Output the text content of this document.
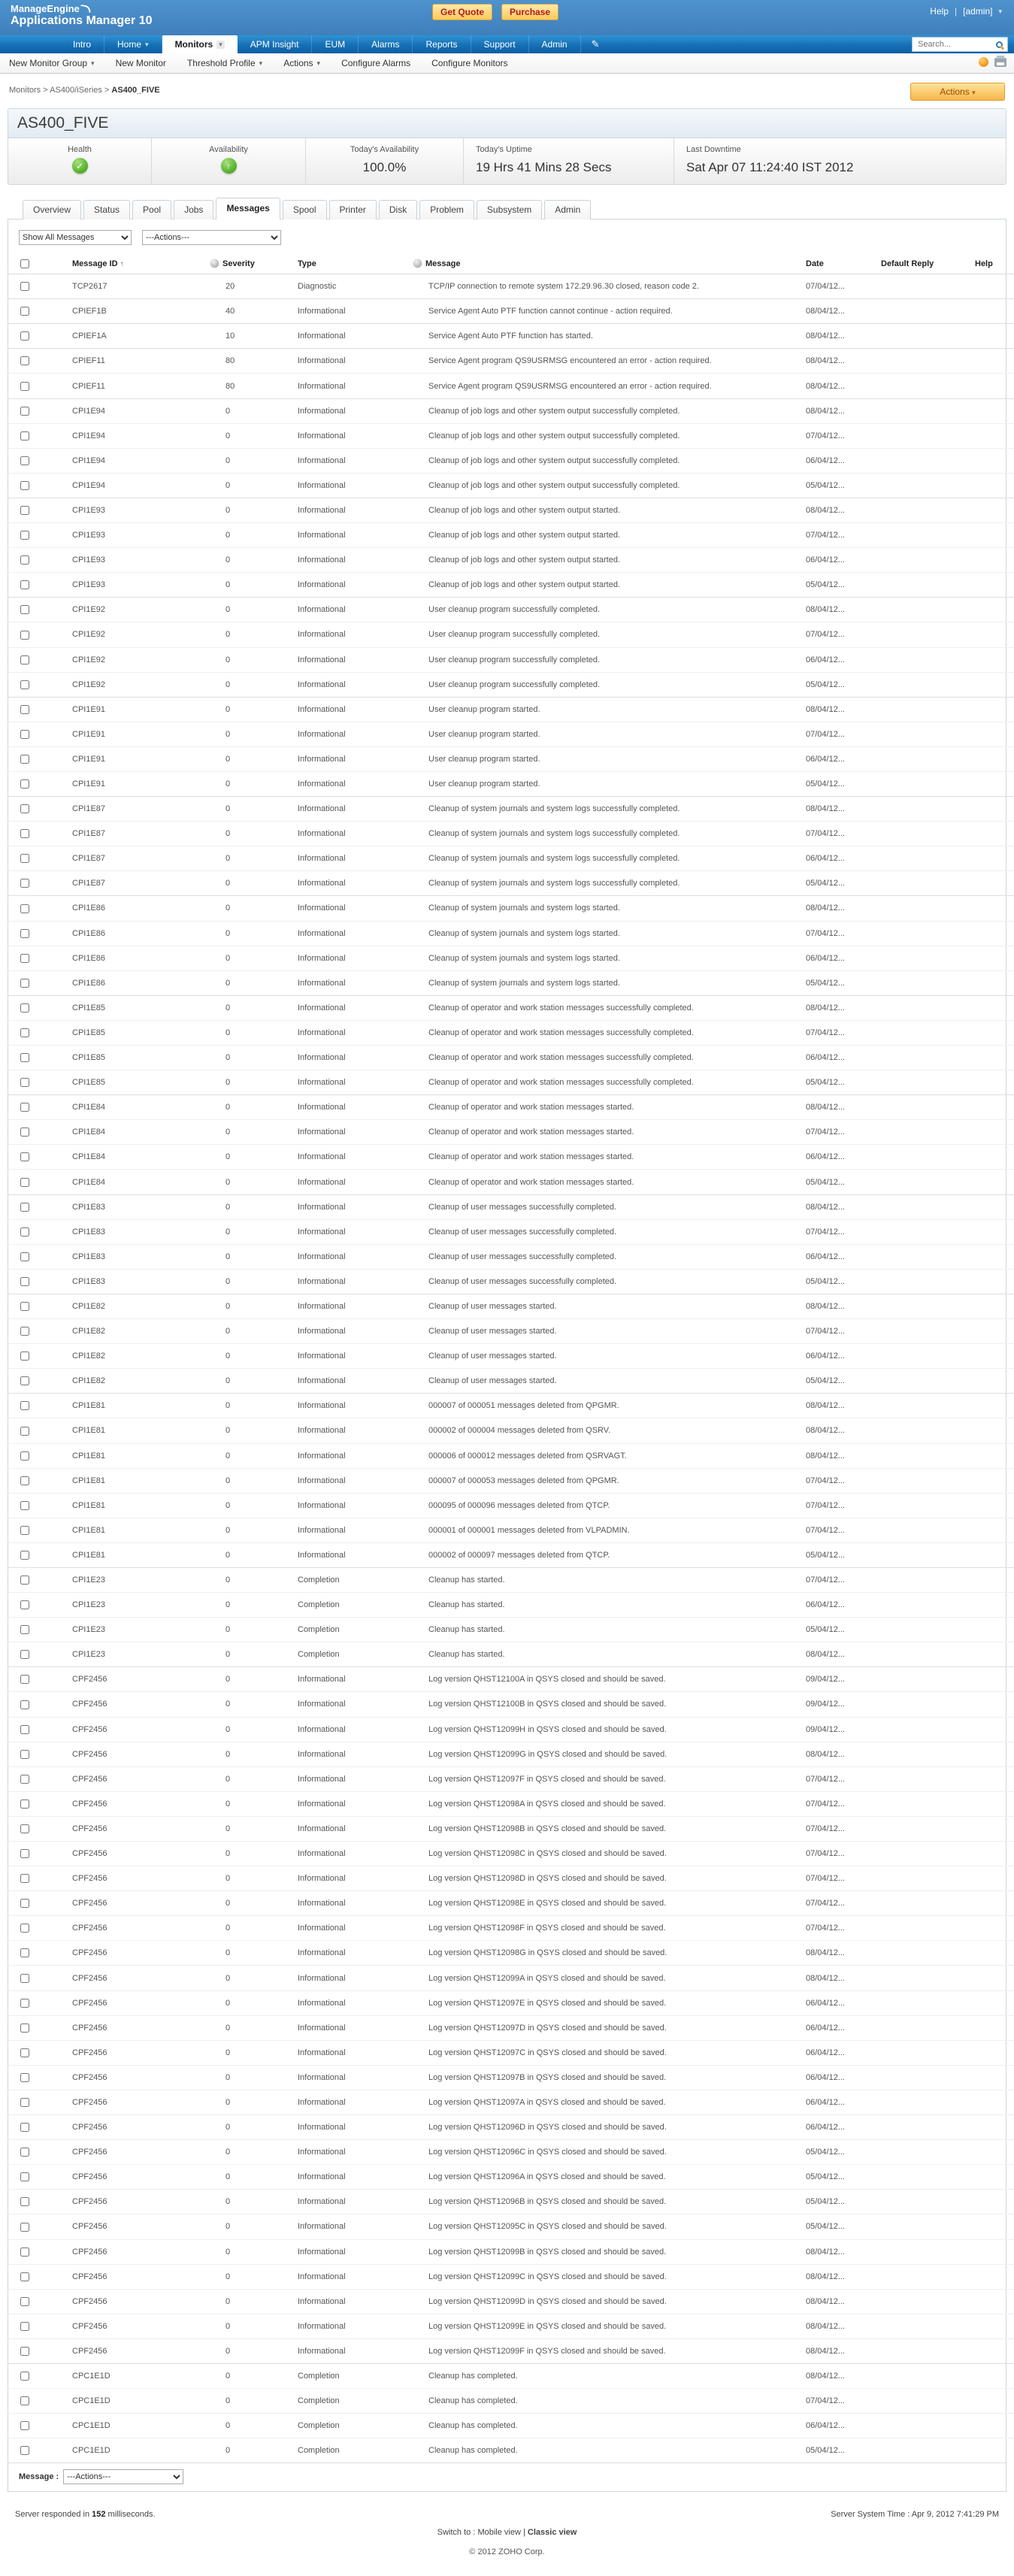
ManageEngine
Applications Manager 10
Get Quote	Purchase	Help | [admin] ▾
Intro	Home ▾	Monitors ▾	APM Insight	EUM	Alarms	Reports	Support	Admin	✎
Search...
New Monitor Group ▾ New Monitor Threshold Profile ▾ Actions ▾ Configure Alarms Configure Monitors
Monitors > AS400/iSeries > AS400_FIVE	Actions ▾
AS400_FIVE
Health
✓
Availability
↑
Today's Availability
100.0%
Today's Uptime
19 Hrs 41 Mins 28 Secs
Last Downtime
Sat Apr 07 11:24:40 IST 2012
Overview	Status	Pool	Jobs	Messages	Spool	Printer	Disk	Problem	Subsystem	Admin
Show All Messages
---Actions---
	Message ID ↑	Severity	Type	Message	Date	Default Reply	Help
	TCP2617	20	Diagnostic	TCP/IP connection to remote system 172.29.96.30 closed, reason code 2.	07/04/12...		
	CPIEF1B	40	Informational	Service Agent Auto PTF function cannot continue - action required.	08/04/12...		
	CPIEF1A	10	Informational	Service Agent Auto PTF function has started.	08/04/12...		
	CPIEF11	80	Informational	Service Agent program QS9USRMSG encountered an error - action required.	08/04/12...		
	CPIEF11	80	Informational	Service Agent program QS9USRMSG encountered an error - action required.	08/04/12...		
	CPI1E94	0	Informational	Cleanup of job logs and other system output successfully completed.	08/04/12...		
	CPI1E94	0	Informational	Cleanup of job logs and other system output successfully completed.	07/04/12...		
	CPI1E94	0	Informational	Cleanup of job logs and other system output successfully completed.	06/04/12...		
	CPI1E94	0	Informational	Cleanup of job logs and other system output successfully completed.	05/04/12...		
	CPI1E93	0	Informational	Cleanup of job logs and other system output started.	08/04/12...		
	CPI1E93	0	Informational	Cleanup of job logs and other system output started.	07/04/12...		
	CPI1E93	0	Informational	Cleanup of job logs and other system output started.	06/04/12...		
	CPI1E93	0	Informational	Cleanup of job logs and other system output started.	05/04/12...		
	CPI1E92	0	Informational	User cleanup program successfully completed.	08/04/12...		
	CPI1E92	0	Informational	User cleanup program successfully completed.	07/04/12...		
	CPI1E92	0	Informational	User cleanup program successfully completed.	06/04/12...		
	CPI1E92	0	Informational	User cleanup program successfully completed.	05/04/12...		
	CPI1E91	0	Informational	User cleanup program started.	08/04/12...		
	CPI1E91	0	Informational	User cleanup program started.	07/04/12...		
	CPI1E91	0	Informational	User cleanup program started.	06/04/12...		
	CPI1E91	0	Informational	User cleanup program started.	05/04/12...		
	CPI1E87	0	Informational	Cleanup of system journals and system logs successfully completed.	08/04/12...		
	CPI1E87	0	Informational	Cleanup of system journals and system logs successfully completed.	07/04/12...		
	CPI1E87	0	Informational	Cleanup of system journals and system logs successfully completed.	06/04/12...		
	CPI1E87	0	Informational	Cleanup of system journals and system logs successfully completed.	05/04/12...		
	CPI1E86	0	Informational	Cleanup of system journals and system logs started.	08/04/12...		
	CPI1E86	0	Informational	Cleanup of system journals and system logs started.	07/04/12...		
	CPI1E86	0	Informational	Cleanup of system journals and system logs started.	06/04/12...		
	CPI1E86	0	Informational	Cleanup of system journals and system logs started.	05/04/12...		
	CPI1E85	0	Informational	Cleanup of operator and work station messages successfully completed.	08/04/12...		
	CPI1E85	0	Informational	Cleanup of operator and work station messages successfully completed.	07/04/12...		
	CPI1E85	0	Informational	Cleanup of operator and work station messages successfully completed.	06/04/12...		
	CPI1E85	0	Informational	Cleanup of operator and work station messages successfully completed.	05/04/12...		
	CPI1E84	0	Informational	Cleanup of operator and work station messages started.	08/04/12...		
	CPI1E84	0	Informational	Cleanup of operator and work station messages started.	07/04/12...		
	CPI1E84	0	Informational	Cleanup of operator and work station messages started.	06/04/12...		
	CPI1E84	0	Informational	Cleanup of operator and work station messages started.	05/04/12...		
	CPI1E83	0	Informational	Cleanup of user messages successfully completed.	08/04/12...		
	CPI1E83	0	Informational	Cleanup of user messages successfully completed.	07/04/12...		
	CPI1E83	0	Informational	Cleanup of user messages successfully completed.	06/04/12...		
	CPI1E83	0	Informational	Cleanup of user messages successfully completed.	05/04/12...		
	CPI1E82	0	Informational	Cleanup of user messages started.	08/04/12...		
	CPI1E82	0	Informational	Cleanup of user messages started.	07/04/12...		
	CPI1E82	0	Informational	Cleanup of user messages started.	06/04/12...		
	CPI1E82	0	Informational	Cleanup of user messages started.	05/04/12...		
	CPI1E81	0	Informational	000007 of 000051 messages deleted from QPGMR.	08/04/12...		
	CPI1E81	0	Informational	000002 of 000004 messages deleted from QSRV.	08/04/12...		
	CPI1E81	0	Informational	000006 of 000012 messages deleted from QSRVAGT.	08/04/12...		
	CPI1E81	0	Informational	000007 of 000053 messages deleted from QPGMR.	07/04/12...		
	CPI1E81	0	Informational	000095 of 000096 messages deleted from QTCP.	07/04/12...		
	CPI1E81	0	Informational	000001 of 000001 messages deleted from VLPADMIN.	07/04/12...		
	CPI1E81	0	Informational	000002 of 000097 messages deleted from QTCP.	05/04/12...		
	CPI1E23	0	Completion	Cleanup has started.	07/04/12...		
	CPI1E23	0	Completion	Cleanup has started.	06/04/12...		
	CPI1E23	0	Completion	Cleanup has started.	05/04/12...		
	CPI1E23	0	Completion	Cleanup has started.	08/04/12...		
	CPF2456	0	Informational	Log version QHST12100A in QSYS closed and should be saved.	09/04/12...		
	CPF2456	0	Informational	Log version QHST12100B in QSYS closed and should be saved.	09/04/12...		
	CPF2456	0	Informational	Log version QHST12099H in QSYS closed and should be saved.	09/04/12...		
	CPF2456	0	Informational	Log version QHST12099G in QSYS closed and should be saved.	08/04/12...		
	CPF2456	0	Informational	Log version QHST12097F in QSYS closed and should be saved.	07/04/12...		
	CPF2456	0	Informational	Log version QHST12098A in QSYS closed and should be saved.	07/04/12...		
	CPF2456	0	Informational	Log version QHST12098B in QSYS closed and should be saved.	07/04/12...		
	CPF2456	0	Informational	Log version QHST12098C in QSYS closed and should be saved.	07/04/12...		
	CPF2456	0	Informational	Log version QHST12098D in QSYS closed and should be saved.	07/04/12...		
	CPF2456	0	Informational	Log version QHST12098E in QSYS closed and should be saved.	07/04/12...		
	CPF2456	0	Informational	Log version QHST12098F in QSYS closed and should be saved.	07/04/12...		
	CPF2456	0	Informational	Log version QHST12098G in QSYS closed and should be saved.	08/04/12...		
	CPF2456	0	Informational	Log version QHST12099A in QSYS closed and should be saved.	08/04/12...		
	CPF2456	0	Informational	Log version QHST12097E in QSYS closed and should be saved.	06/04/12...		
	CPF2456	0	Informational	Log version QHST12097D in QSYS closed and should be saved.	06/04/12...		
	CPF2456	0	Informational	Log version QHST12097C in QSYS closed and should be saved.	06/04/12...		
	CPF2456	0	Informational	Log version QHST12097B in QSYS closed and should be saved.	06/04/12...		
	CPF2456	0	Informational	Log version QHST12097A in QSYS closed and should be saved.	06/04/12...		
	CPF2456	0	Informational	Log version QHST12096D in QSYS closed and should be saved.	06/04/12...		
	CPF2456	0	Informational	Log version QHST12096C in QSYS closed and should be saved.	05/04/12...		
	CPF2456	0	Informational	Log version QHST12096A in QSYS closed and should be saved.	05/04/12...		
	CPF2456	0	Informational	Log version QHST12096B in QSYS closed and should be saved.	05/04/12...		
	CPF2456	0	Informational	Log version QHST12095C in QSYS closed and should be saved.	05/04/12...		
	CPF2456	0	Informational	Log version QHST12099B in QSYS closed and should be saved.	08/04/12...		
	CPF2456	0	Informational	Log version QHST12099C in QSYS closed and should be saved.	08/04/12...		
	CPF2456	0	Informational	Log version QHST12099D in QSYS closed and should be saved.	08/04/12...		
	CPF2456	0	Informational	Log version QHST12099E in QSYS closed and should be saved.	08/04/12...		
	CPF2456	0	Informational	Log version QHST12099F in QSYS closed and should be saved.	08/04/12...		
	CPC1E1D	0	Completion	Cleanup has completed.	08/04/12...		
	CPC1E1D	0	Completion	Cleanup has completed.	07/04/12...		
	CPC1E1D	0	Completion	Cleanup has completed.	06/04/12...		
	CPC1E1D	0	Completion	Cleanup has completed.	05/04/12...		
Message :
---Actions---
Server responded in 152 milliseconds.	Server System Time : Apr 9, 2012 7:41:29 PM
Switch to : Mobile view | Classic view
© 2012 ZOHO Corp.
